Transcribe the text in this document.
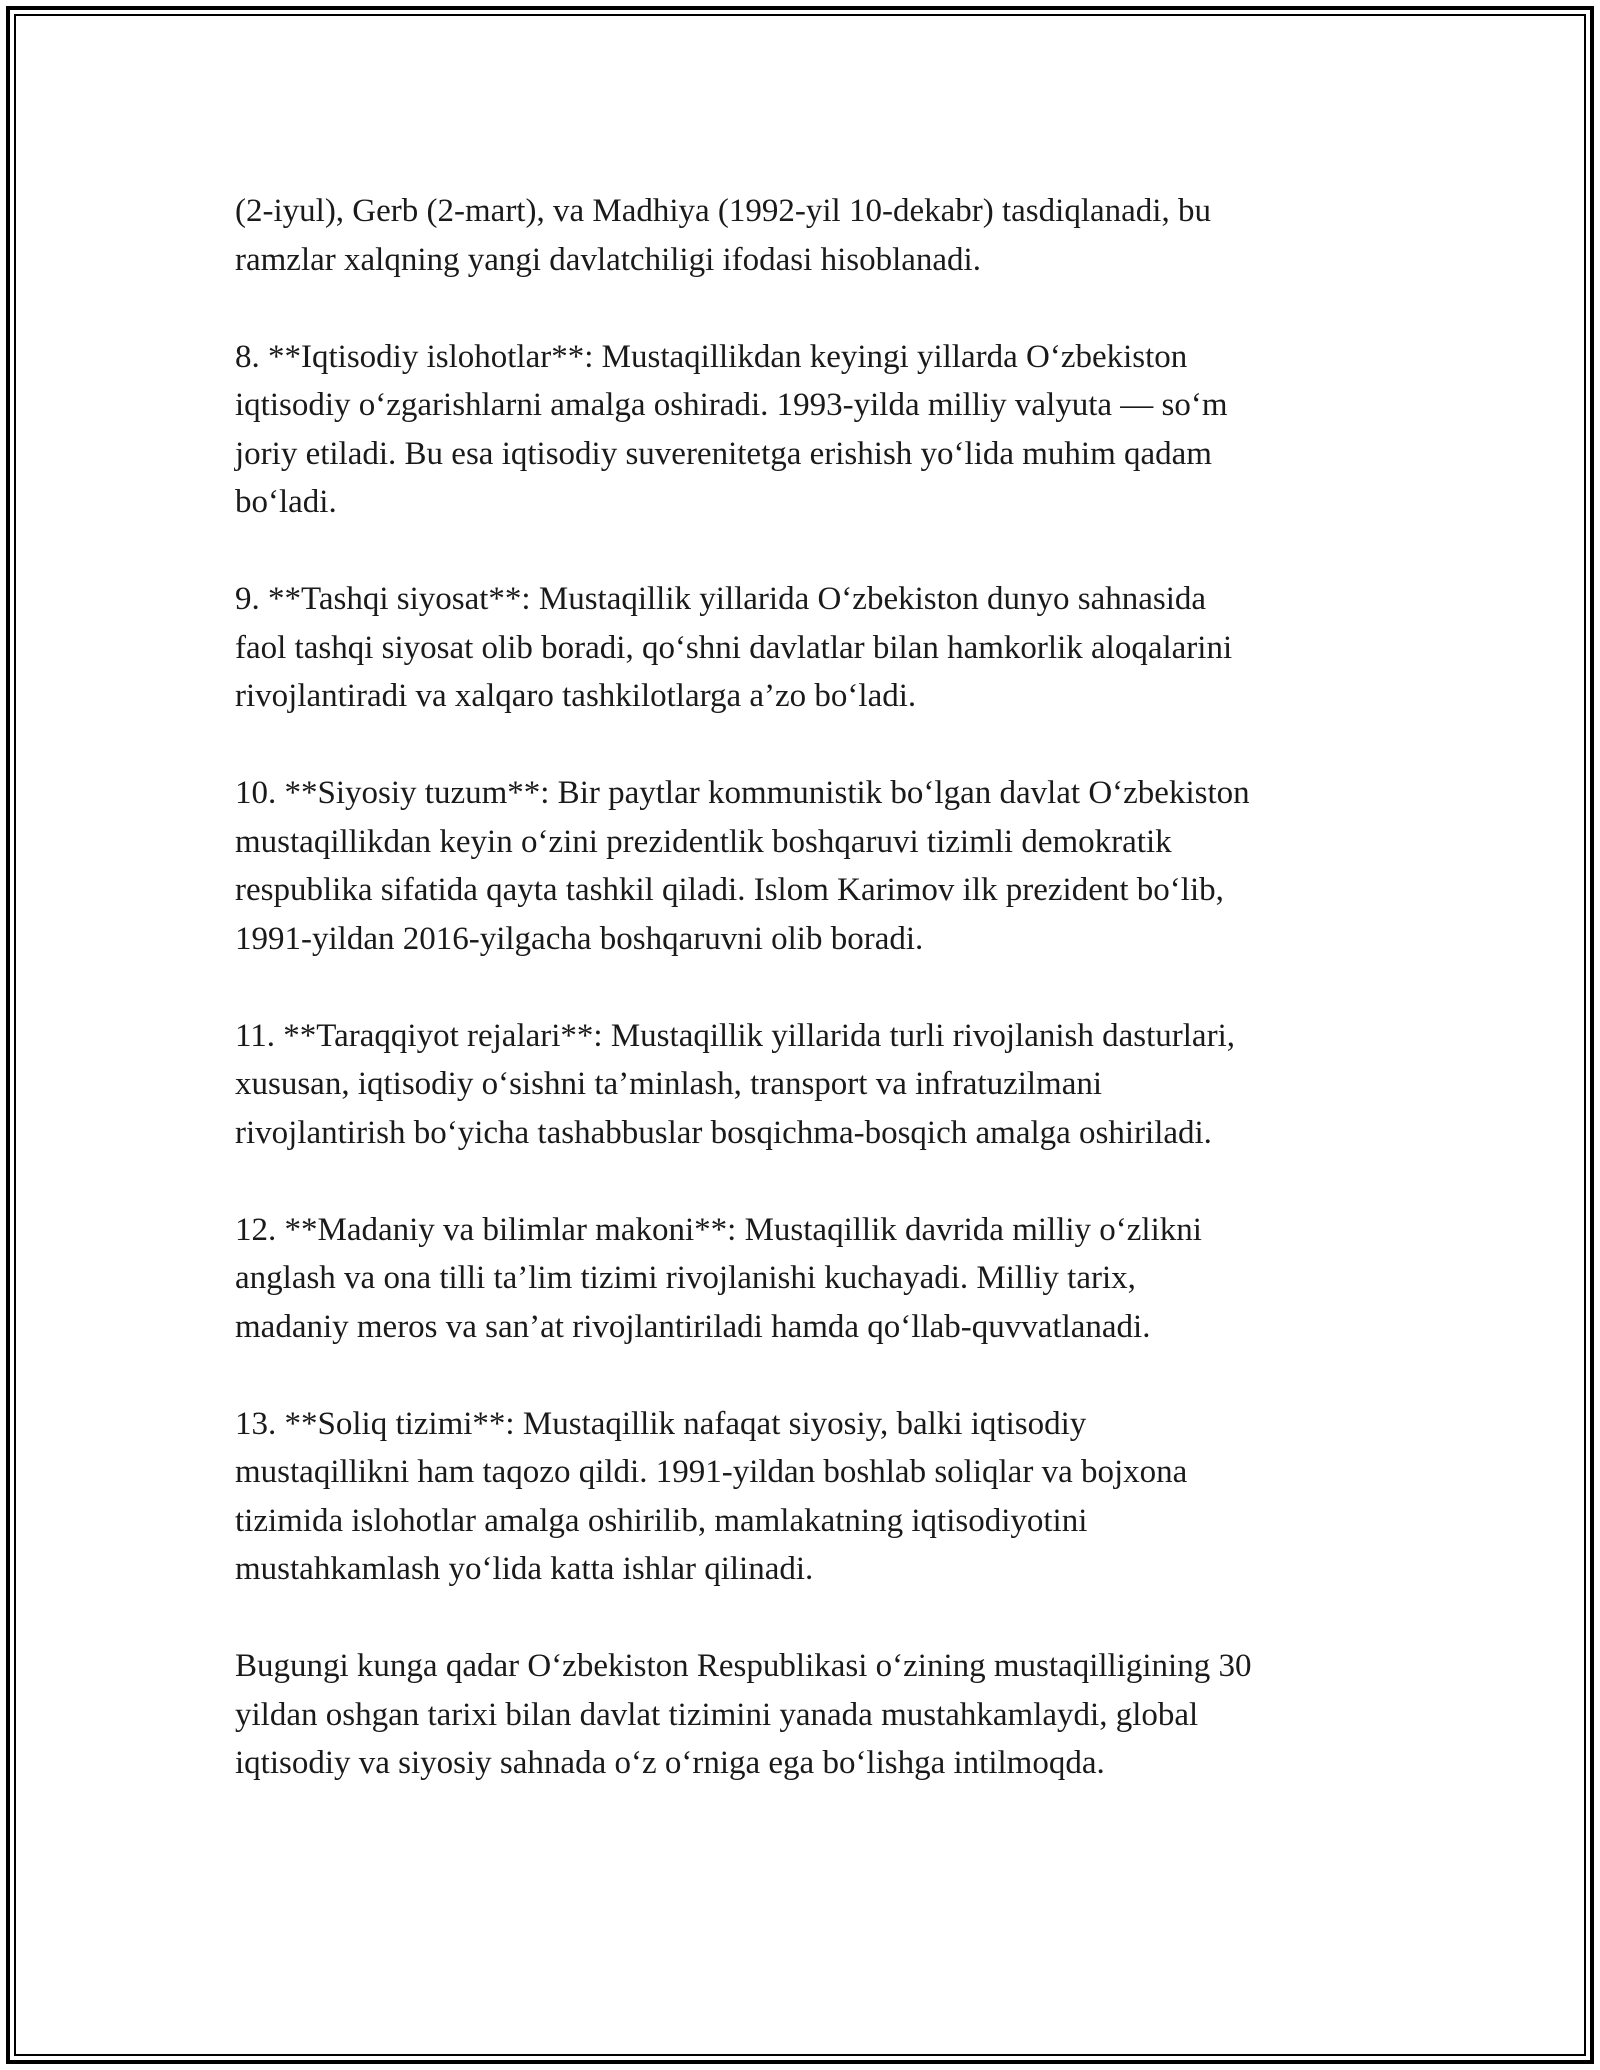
(2-iyul), Gerb (2-mart), va Madhiya (1992-yil 10-dekabr) tasdiqlanadi, bu
ramzlar xalqning yangi davlatchiligi ifodasi hisoblanadi.

8. **Iqtisodiy islohotlar**: Mustaqillikdan keyingi yillarda O‘zbekiston
iqtisodiy o‘zgarishlarni amalga oshiradi. 1993-yilda milliy valyuta — so‘m
joriy etiladi. Bu esa iqtisodiy suverenitetga erishish yo‘lida muhim qadam
bo‘ladi.

9. **Tashqi siyosat**: Mustaqillik yillarida O‘zbekiston dunyo sahnasida
faol tashqi siyosat olib boradi, qo‘shni davlatlar bilan hamkorlik aloqalarini
rivojlantiradi va xalqaro tashkilotlarga a’zo bo‘ladi.

10. **Siyosiy tuzum**: Bir paytlar kommunistik bo‘lgan davlat O‘zbekiston
mustaqillikdan keyin o‘zini prezidentlik boshqaruvi tizimli demokratik
respublika sifatida qayta tashkil qiladi. Islom Karimov ilk prezident bo‘lib,
1991-yildan 2016-yilgacha boshqaruvni olib boradi.

11. **Taraqqiyot rejalari**: Mustaqillik yillarida turli rivojlanish dasturlari,
xususan, iqtisodiy o‘sishni ta’minlash, transport va infratuzilmani
rivojlantirish bo‘yicha tashabbuslar bosqichma-bosqich amalga oshiriladi.

12. **Madaniy va bilimlar makoni**: Mustaqillik davrida milliy o‘zlikni
anglash va ona tilli ta’lim tizimi rivojlanishi kuchayadi. Milliy tarix,
madaniy meros va san’at rivojlantiriladi hamda qo‘llab-quvvatlanadi.

13. **Soliq tizimi**: Mustaqillik nafaqat siyosiy, balki iqtisodiy
mustaqillikni ham taqozo qildi. 1991-yildan boshlab soliqlar va bojxona
tizimida islohotlar amalga oshirilib, mamlakatning iqtisodiyotini
mustahkamlash yo‘lida katta ishlar qilinadi.

Bugungi kunga qadar O‘zbekiston Respublikasi o‘zining mustaqilligining 30
yildan oshgan tarixi bilan davlat tizimini yanada mustahkamlaydi, global
iqtisodiy va siyosiy sahnada o‘z o‘rniga ega bo‘lishga intilmoqda.
